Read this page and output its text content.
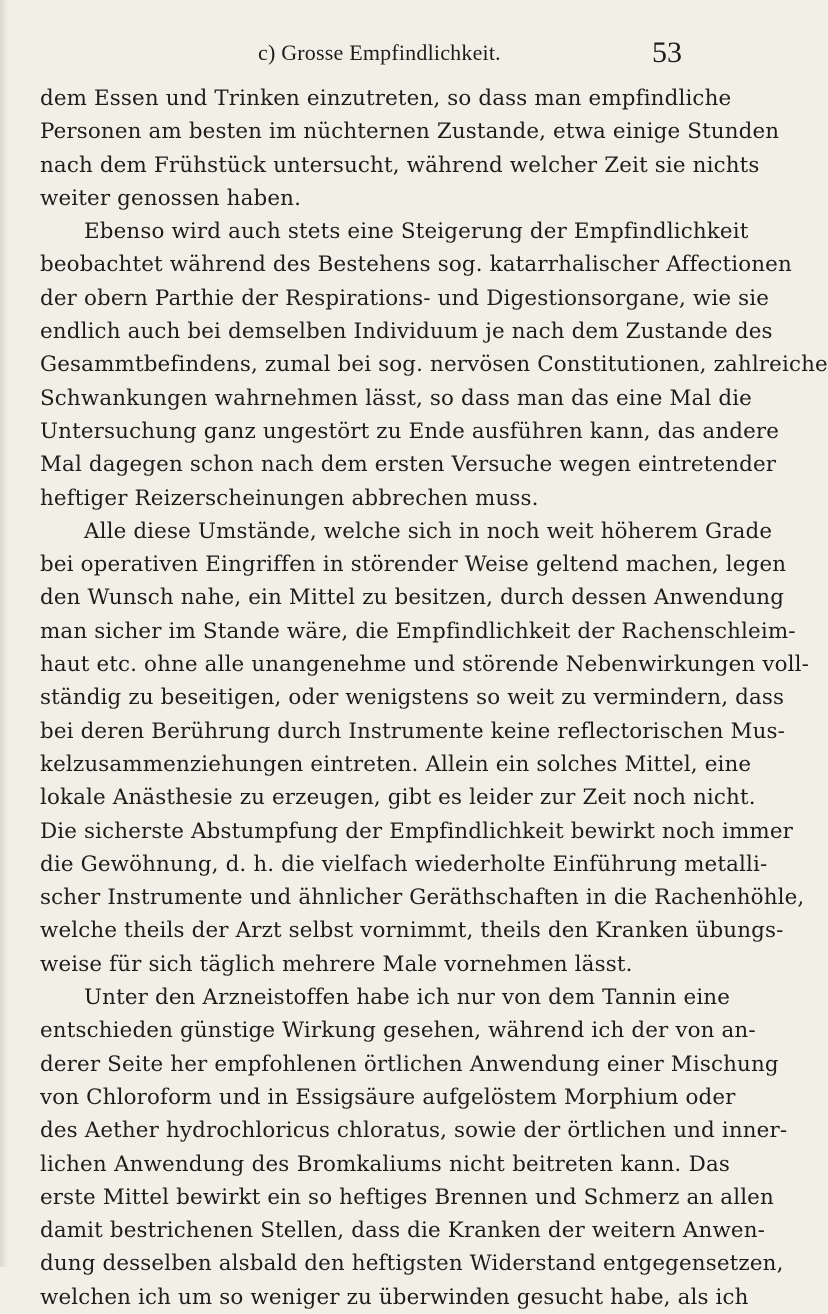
c) Grosse Empfindlichkeit.	53
dem Essen und Trinken einzutreten, so dass man empfindliche
Personen am besten im nüchternen Zustande, etwa einige Stunden
nach dem Frühstück untersucht, während welcher Zeit sie nichts
weiter genossen haben.
Ebenso wird auch stets eine Steigerung der Empfindlichkeit
beobachtet während des Bestehens sog. katarrhalischer Affectionen
der obern Parthie der Respirations- und Digestionsorgane, wie sie
endlich auch bei demselben Individuum je nach dem Zustande des
Gesammtbefindens, zumal bei sog. nervösen Constitutionen, zahlreiche
Schwankungen wahrnehmen lässt, so dass man das eine Mal die
Untersuchung ganz ungestört zu Ende ausführen kann, das andere
Mal dagegen schon nach dem ersten Versuche wegen eintretender
heftiger Reizerscheinungen abbrechen muss.
Alle diese Umstände, welche sich in noch weit höherem Grade
bei operativen Eingriffen in störender Weise geltend machen, legen
den Wunsch nahe, ein Mittel zu besitzen, durch dessen Anwendung
man sicher im Stande wäre, die Empfindlichkeit der Rachenschleim-
haut etc. ohne alle unangenehme und störende Nebenwirkungen voll-
ständig zu beseitigen, oder wenigstens so weit zu vermindern, dass
bei deren Berührung durch Instrumente keine reflectorischen Mus-
kelzusammenziehungen eintreten. Allein ein solches Mittel, eine
lokale Anästhesie zu erzeugen, gibt es leider zur Zeit noch nicht.
Die sicherste Abstumpfung der Empfindlichkeit bewirkt noch immer
die Gewöhnung, d. h. die vielfach wiederholte Einführung metalli-
scher Instrumente und ähnlicher Geräthschaften in die Rachenhöhle,
welche theils der Arzt selbst vornimmt, theils den Kranken übungs-
weise für sich täglich mehrere Male vornehmen lässt.
Unter den Arzneistoffen habe ich nur von dem Tannin eine
entschieden günstige Wirkung gesehen, während ich der von an-
derer Seite her empfohlenen örtlichen Anwendung einer Mischung
von Chloroform und in Essigsäure aufgelöstem Morphium oder
des Aether hydrochloricus chloratus, sowie der örtlichen und inner-
lichen Anwendung des Bromkaliums nicht beitreten kann. Das
erste Mittel bewirkt ein so heftiges Brennen und Schmerz an allen
damit bestrichenen Stellen, dass die Kranken der weitern Anwen-
dung desselben alsbald den heftigsten Widerstand entgegensetzen,
welchen ich um so weniger zu überwinden gesucht habe, als ich
